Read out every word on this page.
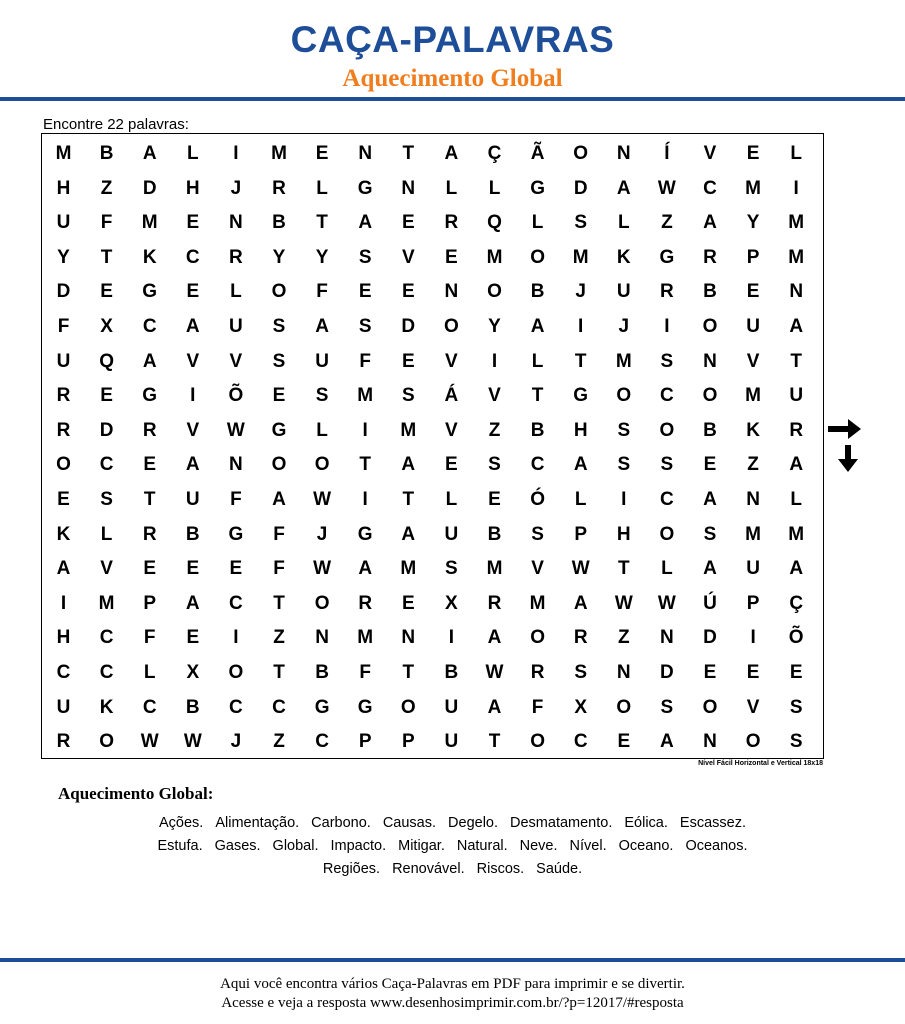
CAÇA-PALAVRAS
Aquecimento Global
Encontre 22 palavras:
M	B	A	L	I	M	E	N	T	A	Ç	Ã	O	N	Í	V	E	L
H	Z	D	H	J	R	L	G	N	L	L	G	D	A	W	C	M	I
U	F	M	E	N	B	T	A	E	R	Q	L	S	L	Z	A	Y	M
Y	T	K	C	R	Y	Y	S	V	E	M	O	M	K	G	R	P	M
D	E	G	E	L	O	F	E	E	N	O	B	J	U	R	B	E	N
F	X	C	A	U	S	A	S	D	O	Y	A	I	J	I	O	U	A
U	Q	A	V	V	S	U	F	E	V	I	L	T	M	S	N	V	T
R	E	G	I	Õ	E	S	M	S	Á	V	T	G	O	C	O	M	U
R	D	R	V	W	G	L	I	M	V	Z	B	H	S	O	B	K	R
O	C	E	A	N	O	O	T	A	E	S	C	A	S	S	E	Z	A
E	S	T	U	F	A	W	I	T	L	E	Ó	L	I	C	A	N	L
K	L	R	B	G	F	J	G	A	U	B	S	P	H	O	S	M	M
A	V	E	E	E	F	W	A	M	S	M	V	W	T	L	A	U	A
I	M	P	A	C	T	O	R	E	X	R	M	A	W	W	Ú	P	Ç
H	C	F	E	I	Z	N	M	N	I	A	O	R	Z	N	D	I	Õ
C	C	L	X	O	T	B	F	T	B	W	R	S	N	D	E	E	E
U	K	C	B	C	C	G	G	O	U	A	F	X	O	S	O	V	S
R	O	W	W	J	Z	C	P	P	U	T	O	C	E	A	N	O	S
Nível Fácil Horizontal e Vertical 18x18
Aquecimento Global:
Ações. Alimentação. Carbono. Causas. Degelo. Desmatamento. Eólica. Escassez.
Estufa. Gases. Global. Impacto. Mitigar. Natural. Neve. Nível. Oceano. Oceanos.
Regiões. Renovável. Riscos. Saúde.
Aqui você encontra vários Caça-Palavras em PDF para imprimir e se divertir.
Acesse e veja a resposta www.desenhosimprimir.com.br/?p=12017/#resposta
